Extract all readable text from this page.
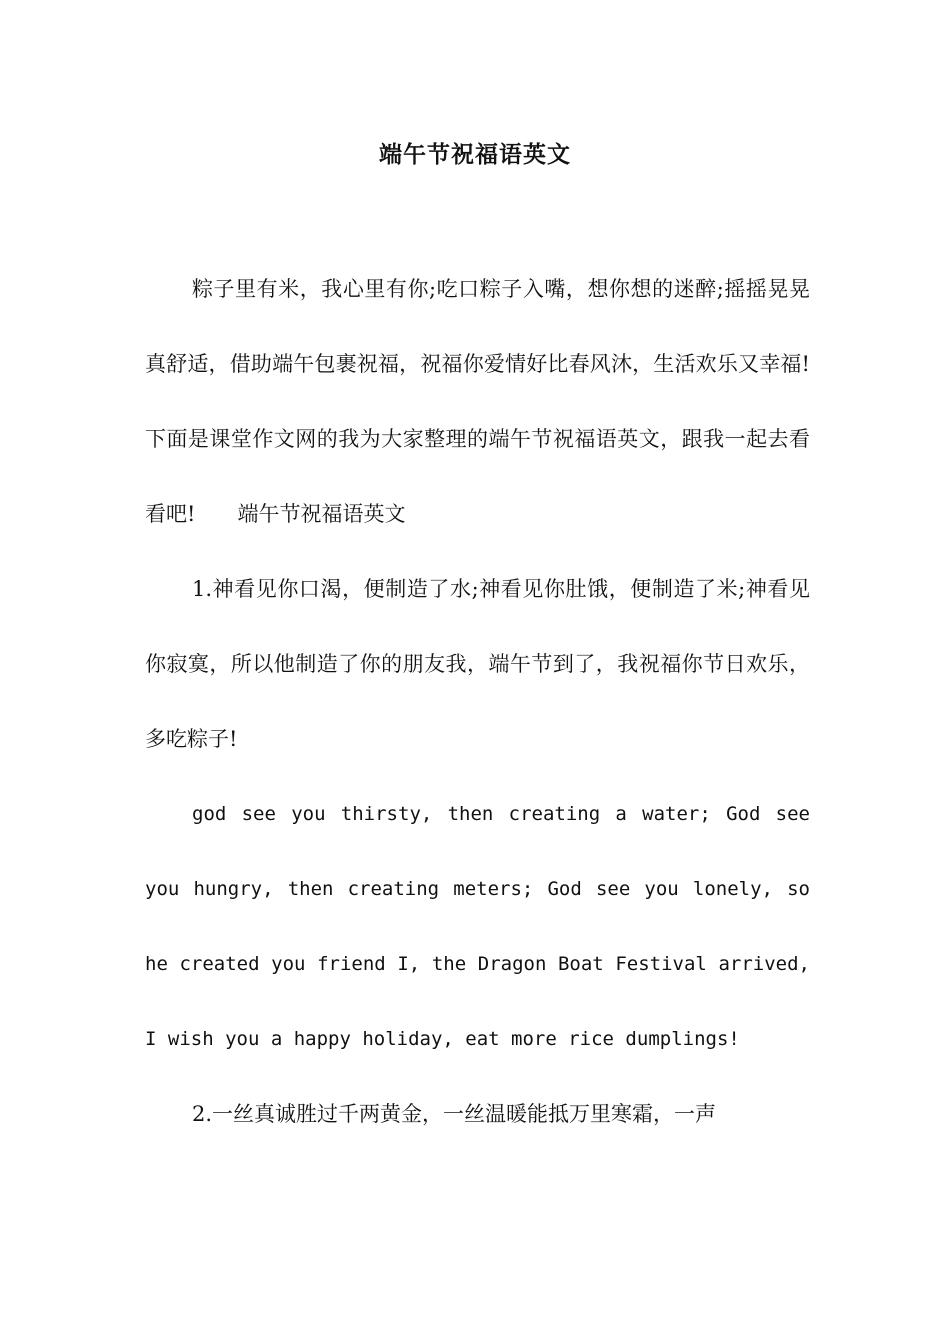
端午节祝福语英文

粽子里有米，我心里有你;吃口粽子入嘴，想你想的迷醉;摇摇晃晃真舒适，借助端午包裹祝福，祝福你爱情好比春风沐，生活欢乐又幸福!下面是课堂作文网的我为大家整理的端午节祝福语英文，跟我一起去看看吧! 端午节祝福语英文

1.神看见你口渴，便制造了水;神看见你肚饿，便制造了米;神看见你寂寞，所以他制造了你的朋友我，端午节到了，我祝福你节日欢乐，多吃粽子!

god see you thirsty, then creating a water; God see you hungry, then creating meters; God see you lonely, so he created you friend I, the Dragon Boat Festival arrived, I wish you a happy holiday, eat more rice dumplings!

2.一丝真诚胜过千两黄金，一丝温暖能抵万里寒霜，一声
